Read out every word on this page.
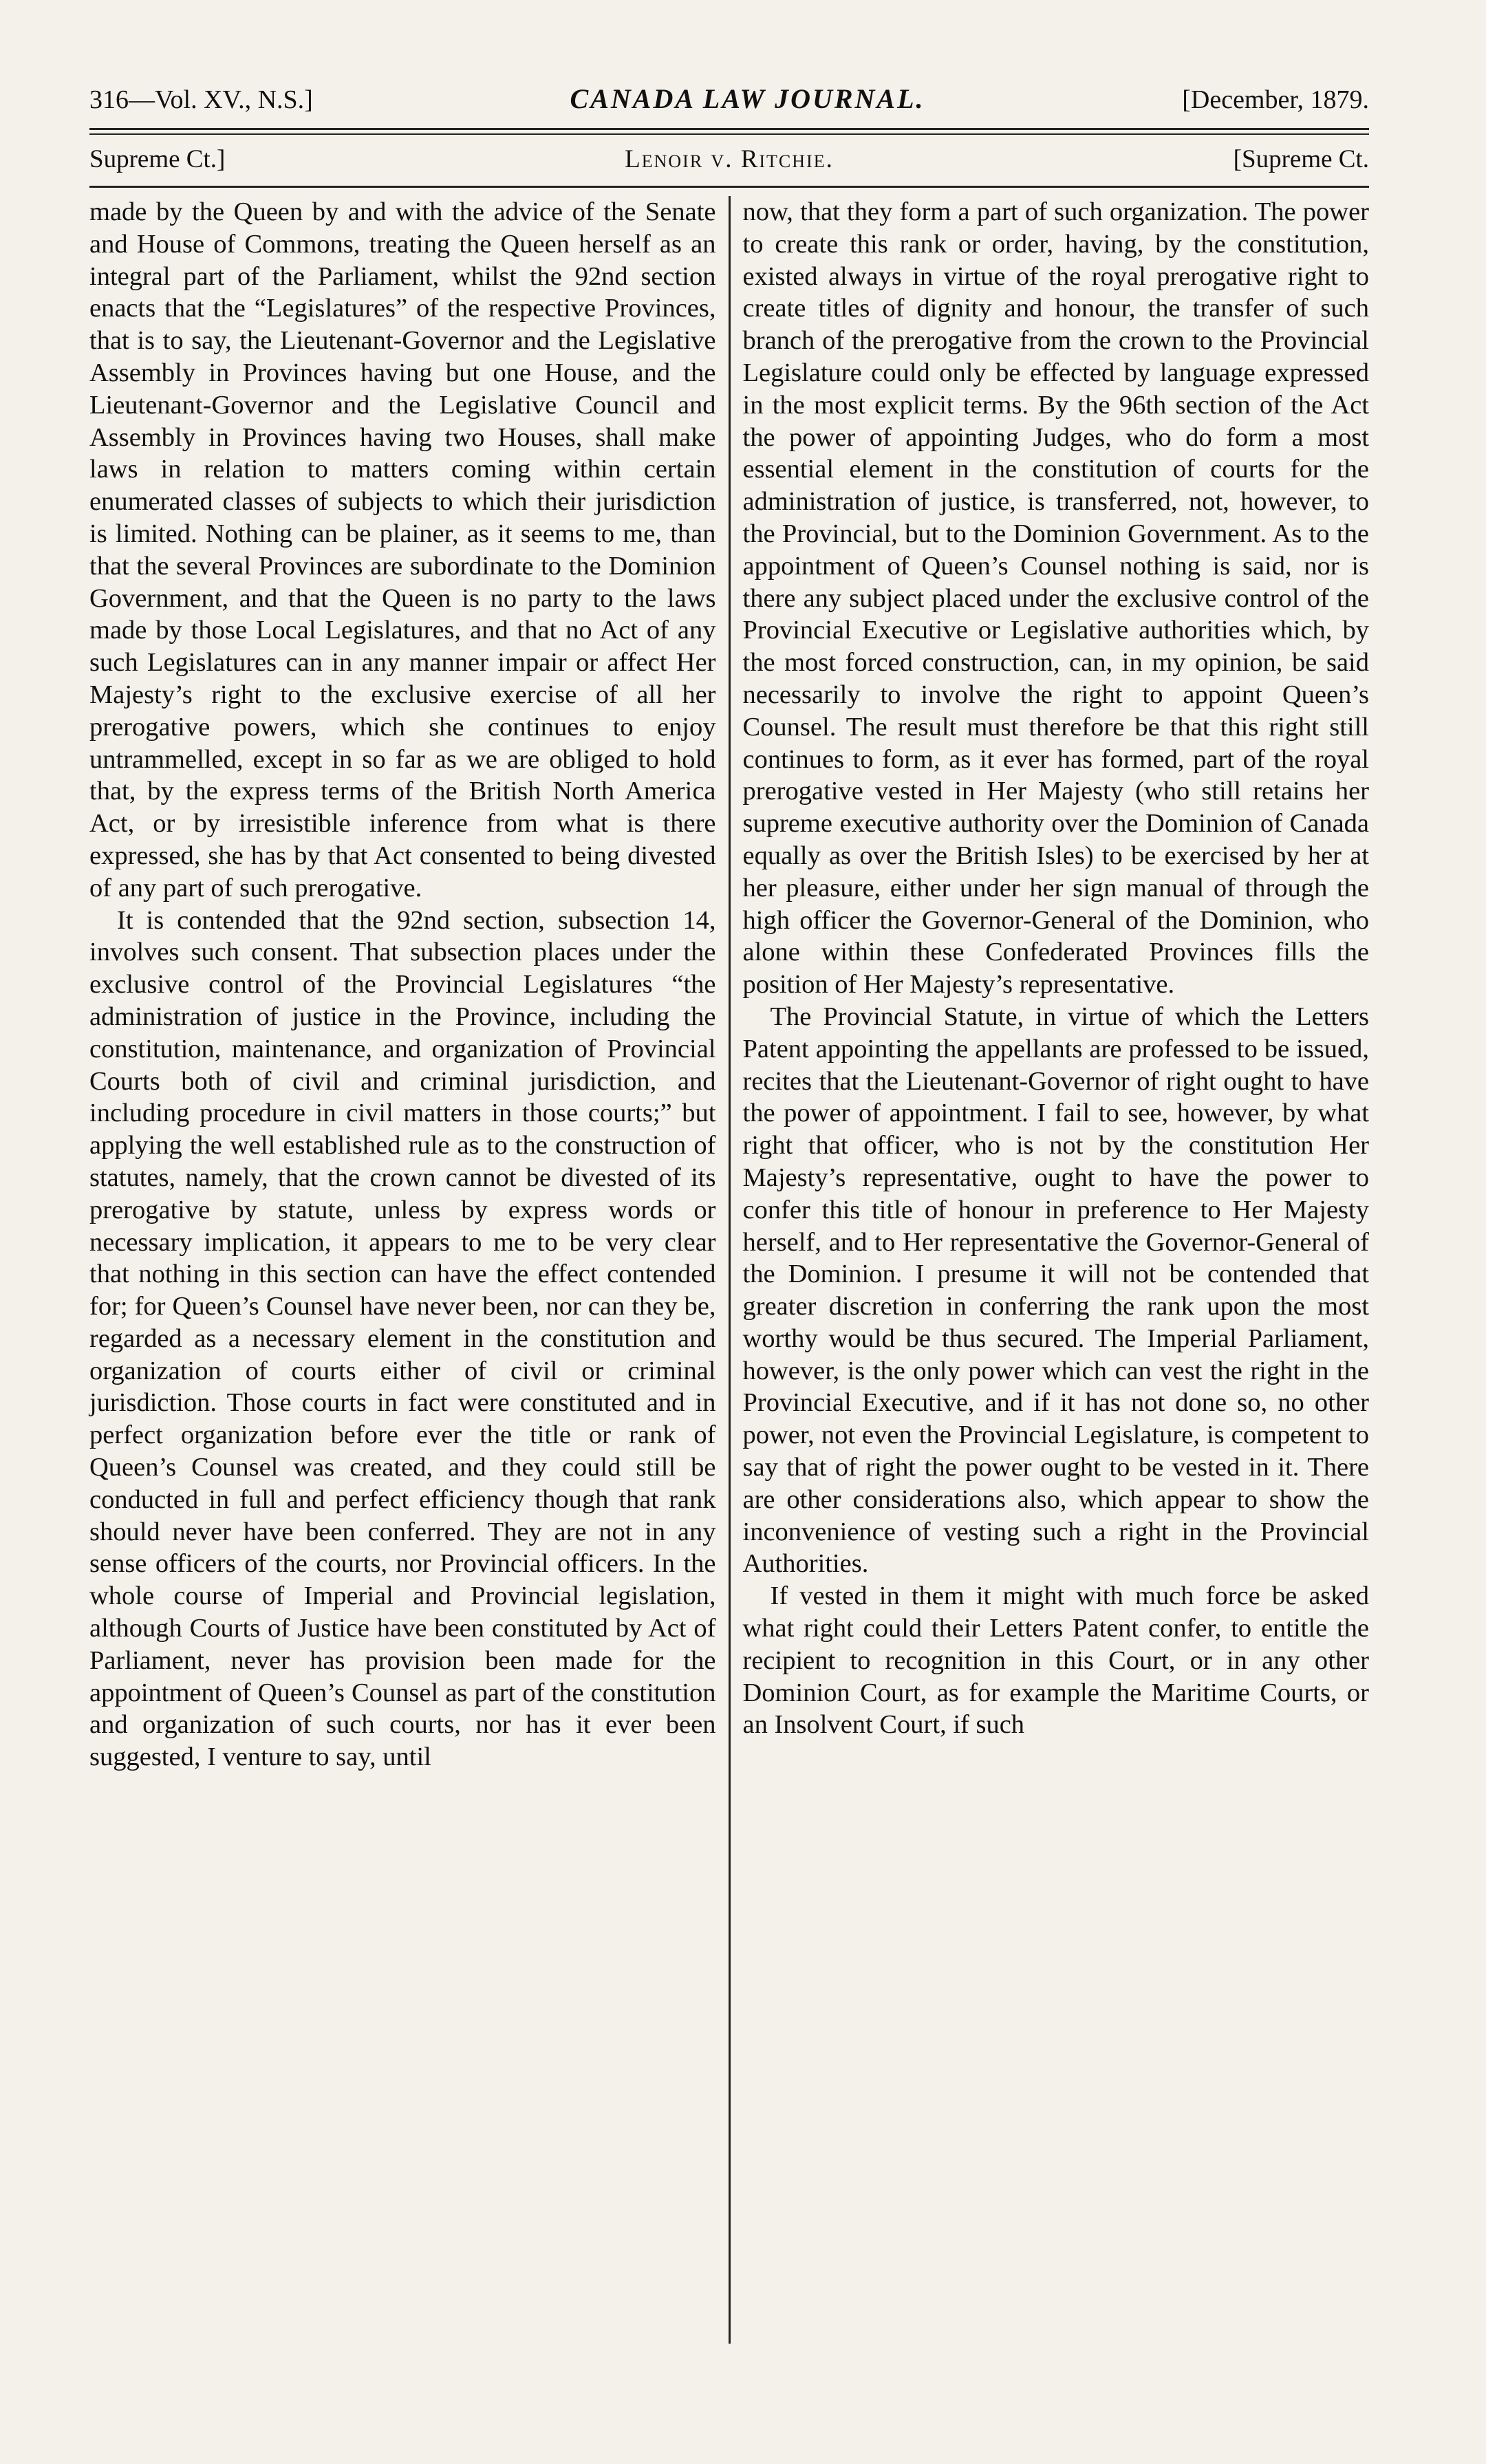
316—Vol. XV., N.S.]	CANADA LAW JOURNAL.	[December, 1879.
Supreme Ct.]	Lenoir v. Ritchie.	[Supreme Ct.

made by the Queen by and with the advice of the Senate and House of Commons, treating the Queen herself as an integral part of the Parliament, whilst the 92nd section enacts that the “Legislatures” of the respective Provinces, that is to say, the Lieutenant-Governor and the Legislative Assembly in Provinces having but one House, and the Lieutenant-Governor and the Legislative Council and Assembly in Provinces having two Houses, shall make laws in relation to matters coming within certain enumerated classes of subjects to which their jurisdiction is limited. Nothing can be plainer, as it seems to me, than that the several Provinces are subordinate to the Dominion Government, and that the Queen is no party to the laws made by those Local Legislatures, and that no Act of any such Legislatures can in any manner impair or affect Her Majesty’s right to the exclusive exercise of all her prerogative powers, which she continues to enjoy untrammelled, except in so far as we are obliged to hold that, by the express terms of the British North America Act, or by irresistible inference from what is there expressed, she has by that Act consented to being divested of any part of such prerogative.

It is contended that the 92nd section, subsection 14, involves such consent. That subsection places under the exclusive control of the Provincial Legislatures “the administration of justice in the Province, including the constitution, maintenance, and organization of Provincial Courts both of civil and criminal jurisdiction, and including procedure in civil matters in those courts;” but applying the well established rule as to the construction of statutes, namely, that the crown cannot be divested of its prerogative by statute, unless by express words or necessary implication, it appears to me to be very clear that nothing in this section can have the effect contended for; for Queen’s Counsel have never been, nor can they be, regarded as a necessary element in the constitution and organization of courts either of civil or criminal jurisdiction. Those courts in fact were constituted and in perfect organization before ever the title or rank of Queen’s Counsel was created, and they could still be conducted in full and perfect efficiency though that rank should never have been conferred. They are not in any sense officers of the courts, nor Provincial officers. In the whole course of Imperial and Provincial legislation, although Courts of Justice have been constituted by Act of Parliament, never has provision been made for the appointment of Queen’s Counsel as part of the constitution and organization of such courts, nor has it ever been suggested, I venture to say, until

now, that they form a part of such organization. The power to create this rank or order, having, by the constitution, existed always in virtue of the royal prerogative right to create titles of dignity and honour, the transfer of such branch of the prerogative from the crown to the Provincial Legislature could only be effected by language expressed in the most explicit terms. By the 96th section of the Act the power of appointing Judges, who do form a most essential element in the constitution of courts for the administration of justice, is transferred, not, however, to the Provincial, but to the Dominion Government. As to the appointment of Queen’s Counsel nothing is said, nor is there any subject placed under the exclusive control of the Provincial Executive or Legislative authorities which, by the most forced construction, can, in my opinion, be said necessarily to involve the right to appoint Queen’s Counsel. The result must therefore be that this right still continues to form, as it ever has formed, part of the royal prerogative vested in Her Majesty (who still retains her supreme executive authority over the Dominion of Canada equally as over the British Isles) to be exercised by her at her pleasure, either under her sign manual of through the high officer the Governor-General of the Dominion, who alone within these Confederated Provinces fills the position of Her Majesty’s representative.

The Provincial Statute, in virtue of which the Letters Patent appointing the appellants are professed to be issued, recites that the Lieutenant-Governor of right ought to have the power of appointment. I fail to see, however, by what right that officer, who is not by the constitution Her Majesty’s representative, ought to have the power to confer this title of honour in preference to Her Majesty herself, and to Her representative the Governor-General of the Dominion. I presume it will not be contended that greater discretion in conferring the rank upon the most worthy would be thus secured. The Imperial Parliament, however, is the only power which can vest the right in the Provincial Executive, and if it has not done so, no other power, not even the Provincial Legislature, is competent to say that of right the power ought to be vested in it. There are other considerations also, which appear to show the inconvenience of vesting such a right in the Provincial Authorities.

If vested in them it might with much force be asked what right could their Letters Patent confer, to entitle the recipient to recognition in this Court, or in any other Dominion Court, as for example the Maritime Courts, or an Insolvent Court, if such
